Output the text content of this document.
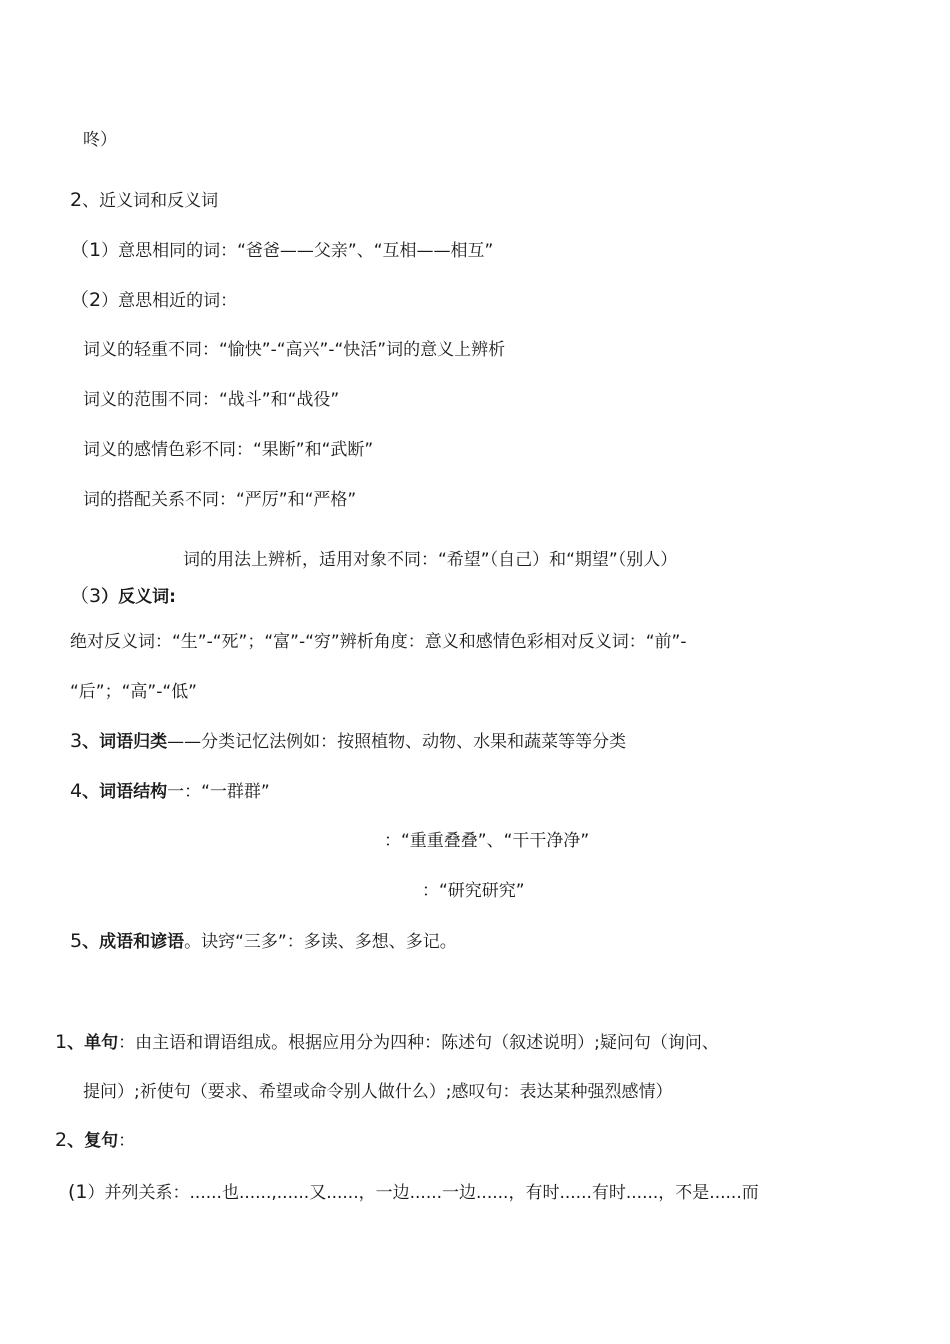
咚）
2、近义词和反义词
（1）意思相同的词：“爸爸——父亲”、“互相——相互”
（2）意思相近的词：
词义的轻重不同：“愉快”-“高兴”-“快活”词的意义上辨析
词义的范围不同：“战斗”和“战役”
词义的感情色彩不同：“果断”和“武断”
词的搭配关系不同：“严厉”和“严格”
词的用法上辨析，适用对象不同：“希望”（自己）和“期望”（别人）
（3）反义词:
绝对反义词：“生”-“死”；“富”-“穷”辨析角度：意义和感情色彩相对反义词：“前”-
“后”；“高”-“低”
3、词语归类——分类记忆法例如：按照植物、动物、水果和蔬菜等等分类
4、词语结构一：“一群群”
：“重重叠叠”、“干干净净”
：“研究研究”
5、成语和谚语。诀窍“三多”：多读、多想、多记。
1、单句：由主语和谓语组成。根据应用分为四种：陈述句（叙述说明）;疑问句（询问、
提问）;祈使句（要求、希望或命令别人做什么）;感叹句：表达某种强烈感情）
2、复句：
(1）并列关系：......也......,......又......，一边......一边......，有时......有时......，不是......而
